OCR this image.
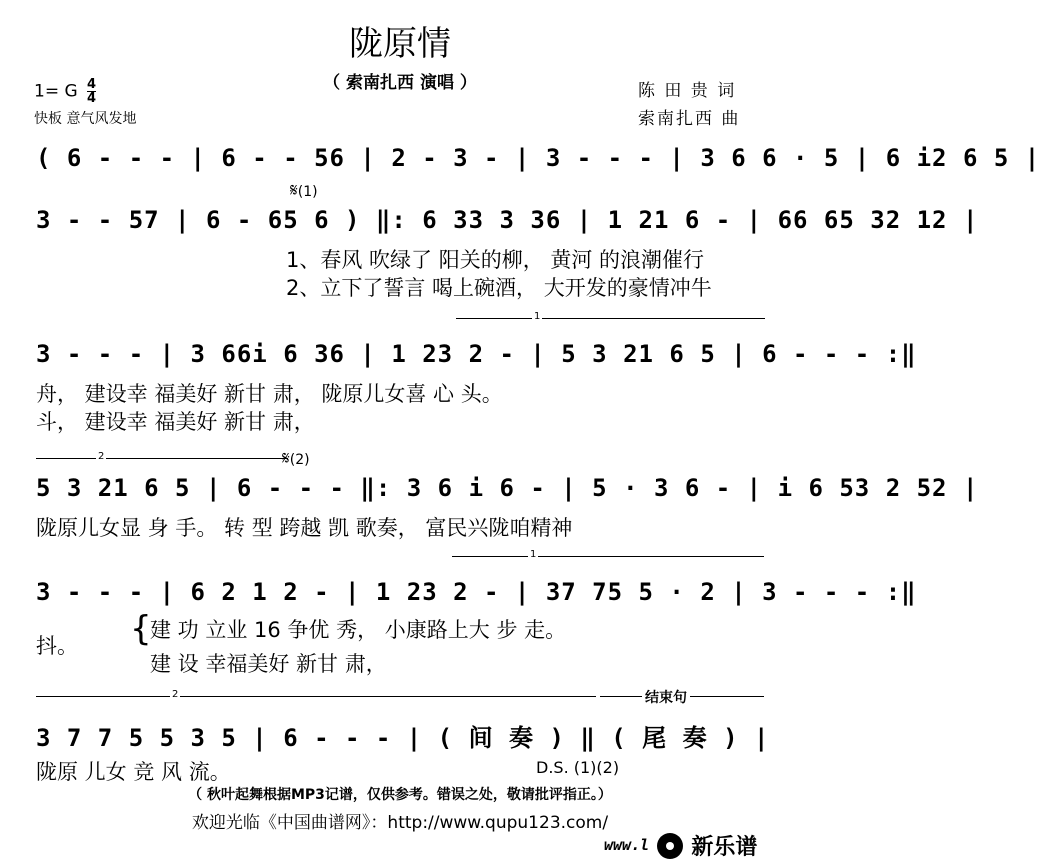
陇原情
（ 索南扎西 演唱 ）
1= G $\frac{4}{4}$
快板 意气风发地
陈 田 贵 词
索南扎西 曲
( 6 - - - | 6 - - 56 | 2 - 3 - | 3 - - - | 3 6 6 · 5 | 6 i2 6 5 |
𝄋(1)
3 - - 57 | 6 - 65 6 ) ‖: 6 33 3 36 | 1 21 6 - | 66 65 32 12 |
1、春风 吹绿了 阳关的柳， 黄河 的浪潮催行
2、立下了誓言 喝上碗酒， 大开发的豪情冲牛
1
3 - - - | 3 66i 6 36 | 1 23 2 - | 5 3 21 6 5 | 6 - - - :‖
舟， 建设幸 福美好 新甘 肃， 陇原儿女喜 心 头。
斗， 建设幸 福美好 新甘 肃，
2	𝄋(2)
5 3 21 6 5 | 6 - - - ‖: 3 6 i 6 - | 5 · 3 6 - | i 6 53 2 52 |
陇原儿女显 身 手。 转 型 跨越 凯 歌奏， 富民兴陇咱精神
1
3 - - - | 6 2 1 2 - | 1 23 2 - | 37 75 5 · 2 | 3 - - - :‖
抖。 {
建 功 立业 16 争优 秀， 小康路上大 步 走。
建 设 幸福美好 新甘 肃，
2	结束句
3 7 7 5 5 3 5 | 6 - - - | ( 间 奏 ) ‖ ( 尾 奏 ) |
陇原 儿女 竞 风 流。	D.S. (1)(2)
（ 秋叶起舞根据MP3记谱，仅供参考。错误之处，敬请批评指正。）
欢迎光临《中国曲谱网》：http://www.qupu123.com/
www.l 新乐谱
